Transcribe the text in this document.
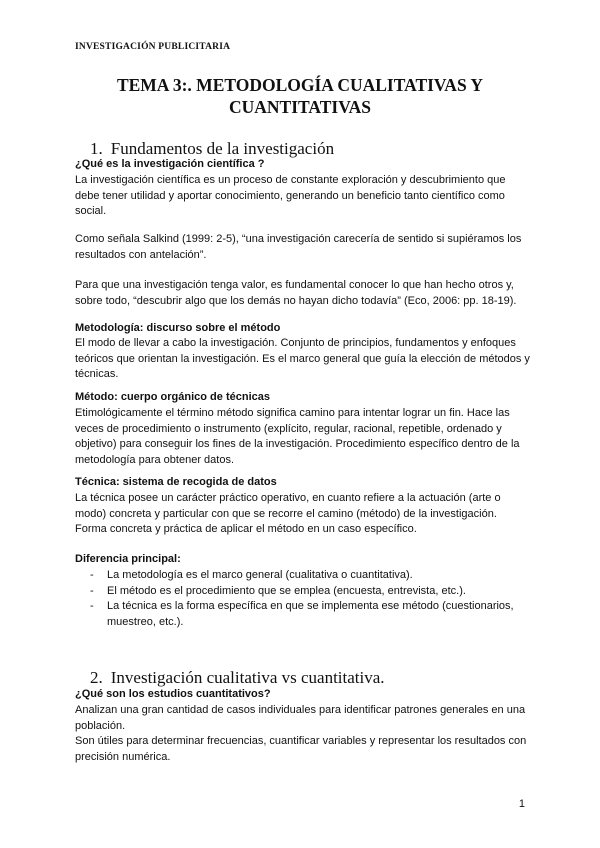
INVESTIGACIÓN PUBLICITARIA
TEMA 3:. METODOLOGÍA CUALITATIVAS Y
CUANTITATIVAS
1. Fundamentos de la investigación

¿Qué es la investigación científica ?

La investigación científica es un proceso de constante exploración y descubrimiento que debe tener utilidad y aportar conocimiento, generando un beneficio tanto científico como social.

Como señala Salkind (1999: 2-5), “una investigación carecería de sentido si supiéramos los resultados con antelación”.

Para que una investigación tenga valor, es fundamental conocer lo que han hecho otros y, sobre todo, “descubrir algo que los demás no hayan dicho todavía” (Eco, 2006: pp. 18-19).

Metodología: discurso sobre el método

El modo de llevar a cabo la investigación. Conjunto de principios, fundamentos y enfoques teóricos que orientan la investigación. Es el marco general que guía la elección de métodos y técnicas.

Método: cuerpo orgánico de técnicas

Etimológicamente el término método significa camino para intentar lograr un fin. Hace las veces de procedimiento o instrumento (explícito, regular, racional, repetible, ordenado y objetivo) para conseguir los fines de la investigación. Procedimiento específico dentro de la metodología para obtener datos.

Técnica: sistema de recogida de datos

La técnica posee un carácter práctico operativo, en cuanto refiere a la actuación (arte o modo) concreta y particular con que se recorre el camino (método) de la investigación. Forma concreta y práctica de aplicar el método en un caso específico.

Diferencia principal:

- La metodología es el marco general (cualitativa o cuantitativa).
- El método es el procedimiento que se emplea (encuesta, entrevista, etc.).
- La técnica es la forma específica en que se implementa ese método (cuestionarios, muestreo, etc.).
2. Investigación cualitativa vs cuantitativa.

¿Qué son los estudios cuantitativos?

Analizan una gran cantidad de casos individuales para identificar patrones generales en una población.

Son útiles para determinar frecuencias, cuantificar variables y representar los resultados con precisión numérica.

1
